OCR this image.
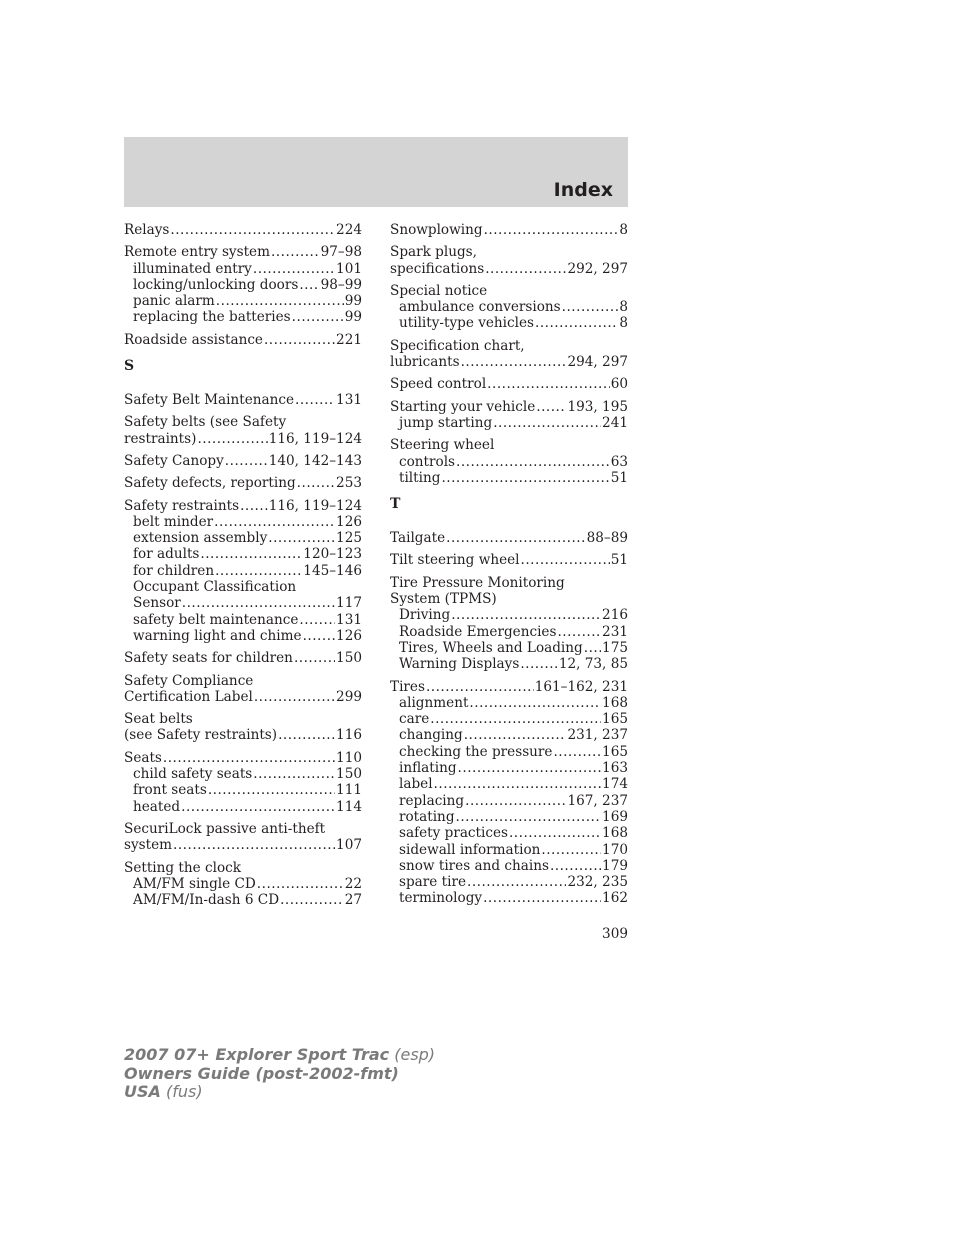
Index
Relays .....	224
Remote entry system .....	97–98
illuminated entry .....	101
locking/unlocking doors ..... 98–99
panic alarm .....	99
replacing the batteries .....	99
Roadside assistance .....	221
S
Safety Belt Maintenance .....	131
Safety belts (see Safety
restraints) .....	116, 119–124
Safety Canopy .....	140, 142–143
Safety defects, reporting .....	253
Safety restraints ..... 116, 119–124
belt minder .....	126
extension assembly .....	125
for adults .....	120–123
for children .....	145–146
Occupant Classification
Sensor .....	117
safety belt maintenance .....	131
warning light and chime .....	126
Safety seats for children .....	150
Safety Compliance
Certification Label .....	299
Seat belts
(see Safety restraints) .....	116
Seats .....	110
child safety seats .....	150
front seats .....	111
heated .....	114
SecuriLock passive anti-theft
system .....	107
Setting the clock
AM/FM single CD .....	22
AM/FM/In-dash 6 CD .....	27
Snowplowing .....	8
Spark plugs,
specifications .....	292, 297
Special notice
ambulance conversions .....	8
utility-type vehicles .....	8
Specification chart,
lubricants .....	294, 297
Speed control .....	60
Starting your vehicle ..... 193, 195
jump starting .....	241
Steering wheel
controls .....	63
tilting .....	51
T
Tailgate .....	88–89
Tilt steering wheel .....	51
Tire Pressure Monitoring
System (TPMS)
Driving .....	216
Roadside Emergencies .....	231
Tires, Wheels and Loading ..... 175
Warning Displays .....	12, 73, 85
Tires .....	161–162, 231
alignment .....	168
care .....	165
changing .....	231, 237
checking the pressure .....	165
inflating .....	163
label .....	174
replacing .....	167, 237
rotating .....	169
safety practices .....	168
sidewall information .....	170
snow tires and chains .....	179
spare tire .....	232, 235
terminology .....	162
309
2007 07+ Explorer Sport Trac (esp)
Owners Guide (post-2002-fmt)
USA (fus)
